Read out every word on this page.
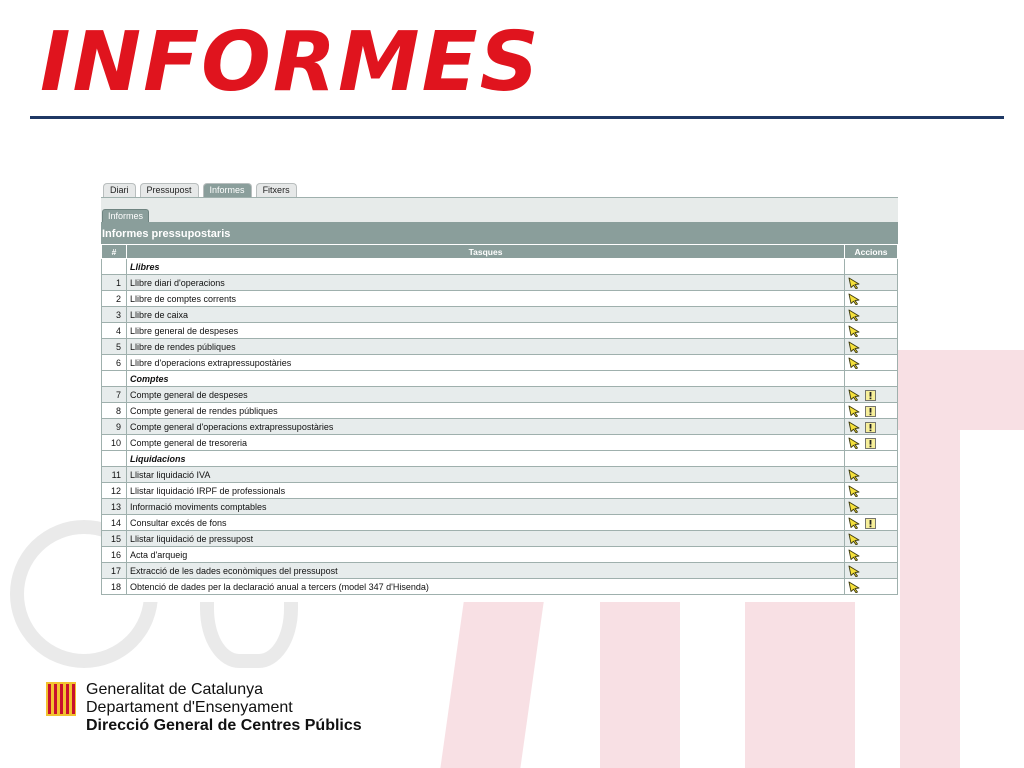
INFORMES
Diari	Pressupost	Informes	Fitxers
Informes
Informes pressupostaris
#	Tasques	Accions
	Llibres	
1	Llibre diari d'operacions	

2	Llibre de comptes corrents	

3	Llibre de caixa	

4	Llibre general de despeses	

5	Llibre de rendes públiques	

6	Llibre d'operacions extrapressupostàries	

	Comptes	
7	Compte general de despeses	

8	Compte general de rendes públiques	

9	Compte general d'operacions extrapressupostàries	

10	Compte general de tresoreria	

	Liquidacions	
11	Llistar liquidació IVA	

12	Llistar liquidació IRPF de professionals	

13	Informació moviments comptables	

14	Consultar excés de fons	

15	Llistar liquidació de pressupost	

16	Acta d'arqueig	

17	Extracció de les dades econòmiques del pressupost	

18	Obtenció de dades per la declaració anual a tercers (model 347 d'Hisenda)	
Generalitat de Catalunya
Departament d'Ensenyament
Direcció General de Centres Públics
